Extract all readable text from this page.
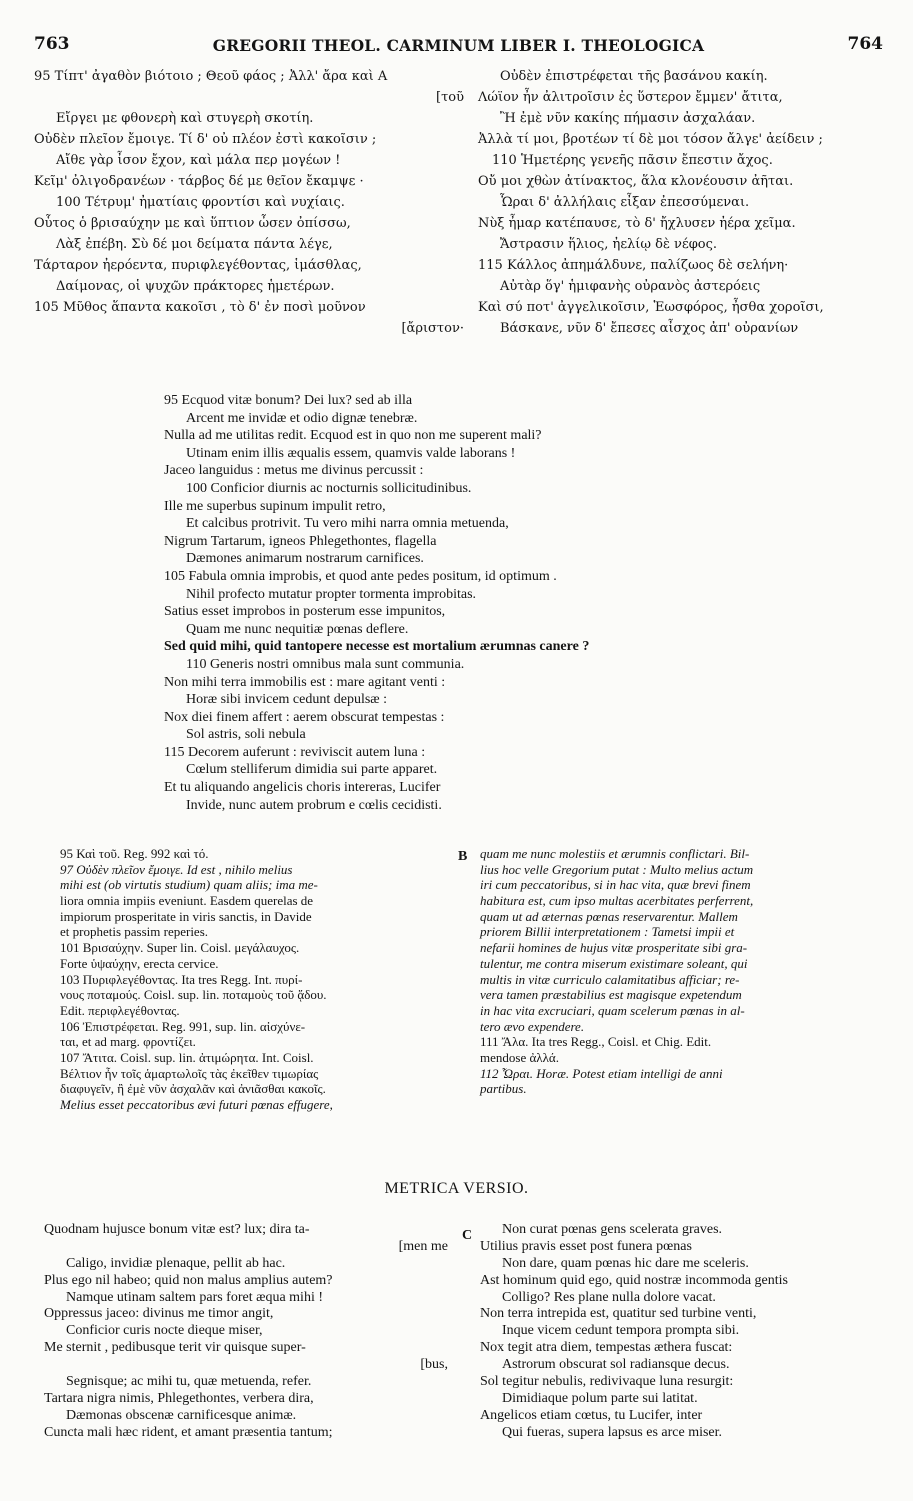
763	GREGORII THEOL. CARMINUM LIBER I. THEOLOGICA	764
95 Τίπτ' ἀγαθὸν βιότοιο ; Θεοῦ φάος ; Ἀλλ' ἄρα καὶ Α
[τοῦ
Εἴργει με φθονερὴ καὶ στυγερὴ σκοτίη.
Οὐδὲν πλεῖον ἔμοιγε. Τί δ' οὐ πλέον ἐστὶ κακοῖσιν ;
Αἴθε γὰρ ἶσον ἔχον, καὶ μάλα περ μογέων !
Κεῖμ' ὀλιγοδρανέων · τάρβος δέ με θεῖον ἔκαμψε ·
100 Τέτρυμ' ἠματίαις φροντίσι καὶ νυχίαις.
Οὗτος ὁ βρισαύχην με καὶ ὕπτιον ὦσεν ὀπίσσω,
Λὰξ ἐπέβη. Σὺ δέ μοι δείματα πάντα λέγε,
Τάρταρον ἠερόεντα, πυριφλεγέθοντας, ἱμάσθλας,
Δαίμονας, οἱ ψυχῶν πράκτορες ἡμετέρων.
105 Μῦθος ἅπαντα κακοῖσι , τὸ δ' ἐν ποσὶ μοῦνον
[ἄριστον·
Οὐδὲν ἐπιστρέφεται τῆς βασάνου κακίη.
Λώϊον ἦν ἀλιτροῖσιν ἐς ὕστερον ἔμμεν' ἄτιτα,
Ἢ ἐμὲ νῦν κακίης πήμασιν ἀσχαλάαν.
Ἀλλὰ τί μοι, βροτέων τί δὲ μοι τόσον ἄλγε' ἀείδειν ;
110 Ἡμετέρης γενεῆς πᾶσιν ἔπεστιν ἄχος.
Οὔ μοι χθὼν ἀτίνακτος, ἅλα κλονέουσιν ἀῆται.
Ὧραι δ' ἀλλήλαις εἶξαν ἐπεσσύμεναι.
Νὺξ ἦμαρ κατέπαυσε, τὸ δ' ἤχλυσεν ἠέρα χεῖμα.
Ἄστρασιν ἥλιος, ἠελίῳ δὲ νέφος.
115 Κάλλος ἀπημάλδυνε, παλίζωος δὲ σελήνη·
Αὐτὰρ ὅγ' ἡμιφανὴς οὐρανὸς ἀστερόεις
Καὶ σύ ποτ' ἀγγελικοῖσιν, Ἑωσφόρος, ἦσθα χοροῖσι,
Βάσκανε, νῦν δ' ἔπεσες αἶσχος ἀπ' οὐρανίων
95 Ecquod vitæ bonum? Dei lux? sed ab illa
Arcent me invidæ et odio dignæ tenebræ.
Nulla ad me utilitas redit. Ecquod est in quo non me superent mali?
Utinam enim illis æqualis essem, quamvis valde laborans !
Jaceo languidus : metus me divinus percussit :
100 Conficior diurnis ac nocturnis sollicitudinibus.
Ille me superbus supinum impulit retro,
Et calcibus protrivit. Tu vero mihi narra omnia metuenda,
Nigrum Tartarum, igneos Phlegethontes, flagella
Dæmones animarum nostrarum carnifices.
105 Fabula omnia improbis, et quod ante pedes positum, id optimum .
Nihil profecto mutatur propter tormenta improbitas.
Satius esset improbos in posterum esse impunitos,
Quam me nunc nequitiæ pœnas deflere.
Sed quid mihi, quid tantopere necesse est mortalium ærumnas canere ?
110 Generis nostri omnibus mala sunt communia.
Non mihi terra immobilis est : mare agitant venti :
Horæ sibi invicem cedunt depulsæ :
Nox diei finem affert : aerem obscurat tempestas :
Sol astris, soli nebula
115 Decorem auferunt : reviviscit autem luna :
Cœlum stelliferum dimidia sui parte apparet.
Et tu aliquando angelicis choris intereras, Lucifer
Invide, nunc autem probrum e cœlis cecidisti.
95 Καὶ τοῦ. Reg. 992 καὶ τό.
97 Οὐδὲν πλεῖον ἔμοιγε. Id est , nihilo melius
mihi est (ob virtutis studium) quam aliis; ima me-
liora omnia impiis eveniunt. Easdem querelas de
impiorum prosperitate in viris sanctis, in Davide
et prophetis passim reperies.
101 Βρισαύχην. Super lin. Coisl. μεγάλαυχος.
Forte ὑψαύχην, erecta cervice.
103 Πυριφλεγέθοντας. Ita tres Regg. Int. πυρί-
νους ποταμούς. Coisl. sup. lin. ποταμοὺς τοῦ ᾅδου.
Edit. περιφλεγέθοντας.
106 Ἐπιστρέφεται. Reg. 991, sup. lin. αἰσχύνε-
ται, et ad marg. φροντίζει.
107 Ἄτιτα. Coisl. sup. lin. ἀτιμώρητα. Int. Coisl.
Βέλτιον ἦν τοῖς ἁμαρτωλοῖς τὰς ἐκεῖθεν τιμωρίας
διαφυγεῖν, ἢ ἐμὲ νῦν ἀσχαλᾶν καὶ ἀνιᾶσθαι κακοῖς.
Melius esset peccatoribus ævi futuri pœnas effugere,
B quam me nunc molestiis et ærumnis conflictari. Bil-
lius hoc velle Gregorium putat : Multo melius actum
iri cum peccatoribus, si in hac vita, quæ brevi finem
habitura est, cum ipso multas acerbitates perferrent,
quam ut ad æternas pœnas reservarentur. Mallem
priorem Billii interpretationem : Tametsi impii et
nefarii homines de hujus vitæ prosperitate sibi gra-
tulentur, me contra miserum existimare soleant, qui
multis in vitæ curriculo calamitatibus afficiar; re-
vera tamen præstabilius est magisque expetendum
in hac vita excruciari, quam scelerum pœnas in al-
tero ævo expendere.
111 Ἄλα. Ita tres Regg., Coisl. et Chig. Edit.
mendose ἀλλά.
112 Ὧραι. Horæ. Potest etiam intelligi de anni
partibus.
METRICA VERSIO.
Quodnam hujusce bonum vitæ est? lux; dira ta-
[men me
Caligo, invidiæ plenaque, pellit ab hac.
Plus ego nil habeo; quid non malus amplius autem?
Namque utinam saltem pars foret æqua mihi !
Oppressus jaceo: divinus me timor angit,
Conficior curis nocte dieque miser,
Me sternit , pedibusque terit vir quisque super-
[bus,
Segnisque; ac mihi tu, quæ metuenda, refer.
Tartara nigra nimis, Phlegethontes, verbera dira,
Dæmonas obscenæ carnificesque animæ.
Cuncta mali hæc rident, et amant præsentia tantum;
C	Non curat pœnas gens scelerata graves.
Utilius pravis esset post funera pœnas
Non dare, quam pœnas hic dare me sceleris.
Ast hominum quid ego, quid nostræ incommoda gentis
Colligo? Res plane nulla dolore vacat.
Non terra intrepida est, quatitur sed turbine venti,
Inque vicem cedunt tempora prompta sibi.
Nox tegit atra diem, tempestas æthera fuscat:
Astrorum obscurat sol radiansque decus.
Sol tegitur nebulis, redivivaque luna resurgit:
Dimidiaque polum parte sui latitat.
Angelicos etiam cœtus, tu Lucifer, inter
Qui fueras, supera lapsus es arce miser.
